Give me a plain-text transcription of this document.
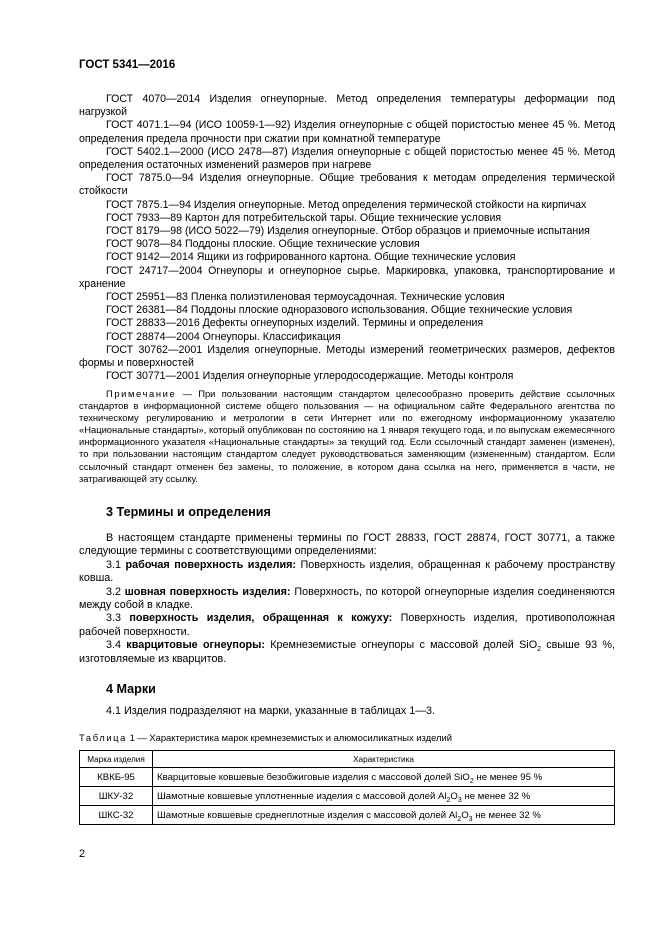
ГОСТ 5341—2016

ГОСТ 4070—2014 Изделия огнеупорные. Метод определения температуры деформации под нагрузкой

ГОСТ 4071.1—94 (ИСО 10059-1—92) Изделия огнеупорные с общей пористостью менее 45 %. Метод определения предела прочности при сжатии при комнатной температуре

ГОСТ 5402.1—2000 (ИСО 2478—87) Изделия огнеупорные с общей пористостью менее 45 %. Метод определения остаточных изменений размеров при нагреве

ГОСТ 7875.0—94 Изделия огнеупорные. Общие требования к методам определения термической стойкости

ГОСТ 7875.1—94 Изделия огнеупорные. Метод определения термической стойкости на кирпичах

ГОСТ 7933—89 Картон для потребительской тары. Общие технические условия

ГОСТ 8179—98 (ИСО 5022—79) Изделия огнеупорные. Отбор образцов и приемочные испытания

ГОСТ 9078—84 Поддоны плоские. Общие технические условия

ГОСТ 9142—2014 Ящики из гофрированного картона. Общие технические условия

ГОСТ 24717—2004 Огнеупоры и огнеупорное сырье. Маркировка, упаковка, транспортирование и хранение

ГОСТ 25951—83 Пленка полиэтиленовая термоусадочная. Технические условия

ГОСТ 26381—84 Поддоны плоские одноразового использования. Общие технические условия

ГОСТ 28833—2016 Дефекты огнеупорных изделий. Термины и определения

ГОСТ 28874—2004 Огнеупоры. Классификация

ГОСТ 30762—2001 Изделия огнеупорные. Методы измерений геометрических размеров, дефектов формы и поверхностей

ГОСТ 30771—2001 Изделия огнеупорные углеродосодержащие. Методы контроля

Примечание — При пользовании настоящим стандартом целесообразно проверить действие ссылочных стандартов в информационной системе общего пользования — на официальном сайте Федерального агентства по техническому регулированию и метрологии в сети Интернет или по ежегодному информационному указателю «Национальные стандарты», который опубликован по состоянию на 1 января текущего года, и по выпускам ежемесячного информационного указателя «Национальные стандарты» за текущий год. Если ссылочный стандарт заменен (изменен), то при пользовании настоящим стандартом следует руководствоваться заменяющим (измененным) стандартом. Если ссылочный стандарт отменен без замены, то положение, в котором дана ссылка на него, применяется в части, не затрагивающей эту ссылку.

3 Термины и определения

В настоящем стандарте применены термины по ГОСТ 28833, ГОСТ 28874, ГОСТ 30771, а также следующие термины с соответствующими определениями:

3.1 рабочая поверхность изделия: Поверхность изделия, обращенная к рабочему пространству ковша.

3.2 шовная поверхность изделия: Поверхность, по которой огнеупорные изделия соединеняются между собой в кладке.

3.3 поверхность изделия, обращенная к кожуху: Поверхность изделия, противоположная рабочей поверхности.

3.4 кварцитовые огнеупоры: Кремнеземистые огнеупоры с массовой долей SiO$_2$ свыше 93 %, изготовляемые из кварцитов.

4 Марки

4.1 Изделия подразделяют на марки, указанные в таблицах 1—3.

Таблица 1 — Характеристика марок кремнеземистых и алюмосиликатных изделий
Марка изделия	Характеристика
КВКБ-95	Кварцитовые ковшевые безобжиговые изделия с массовой долей SiO$_2$ не менее 95 %
ШКУ-32	Шамотные ковшевые уплотненные изделия с массовой долей $Al_2O_3$ не менее 32 %
ШКС-32	Шамотные ковшевые среднеплотные изделия с массовой долей $Al_2O_3$ не менее 32 %
2
